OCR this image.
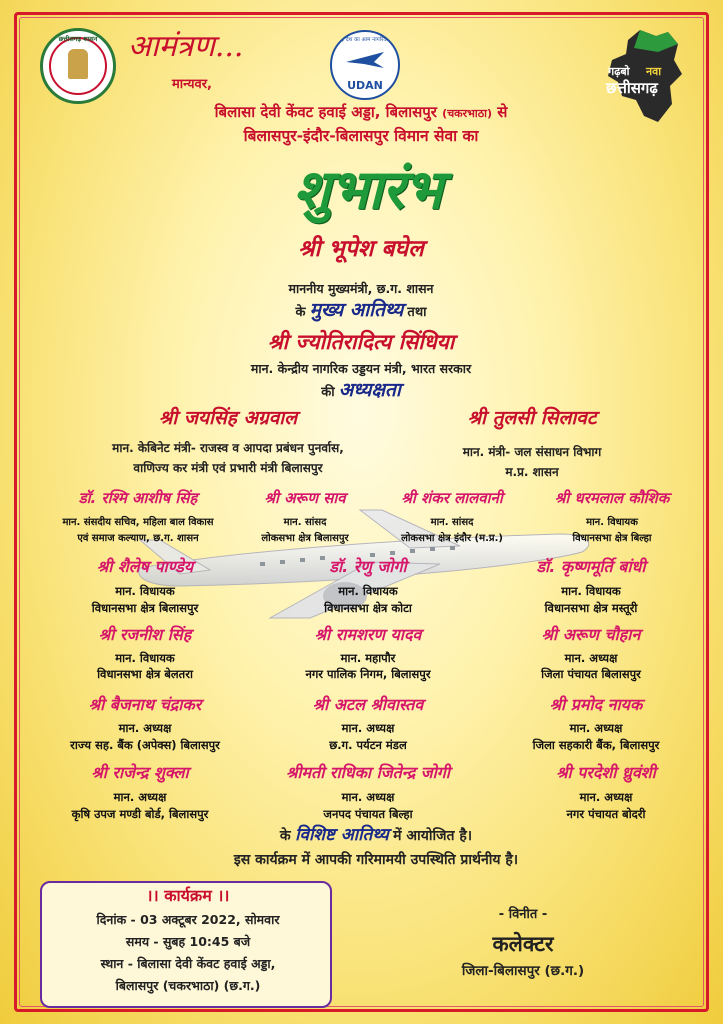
छत्तीसगढ़ शासन	आमंत्रण...	उड़े देश का आम नागरिक
UDAN
गढ़बो नवा
छत्तीसगढ़
मान्यवर,
बिलासा देवी केंवट हवाई अड्डा, बिलासपुर (चकरभाठा) से
बिलासपुर-इंदौर-बिलासपुर विमान सेवा का
शुभारंभ
श्री भूपेश बघेल
माननीय मुख्यमंत्री, छ.ग. शासन
के मुख्य आतिथ्य तथा
श्री ज्योतिरादित्य सिंधिया
मान. केन्द्रीय नागरिक उड्डयन मंत्री, भारत सरकार
की अध्यक्षता
श्री जयसिंह अग्रवाल
मान. केबिनेट मंत्री- राजस्व व आपदा प्रबंधन पुनर्वास,
वाणिज्य कर मंत्री एवं प्रभारी मंत्री बिलासपुर
श्री तुलसी सिलावट
मान. मंत्री- जल संसाधन विभाग
म.प्र. शासन
डॉ. रश्मि आशीष सिंह
मान. संसदीय सचिव, महिला बाल विकास
एवं समाज कल्याण, छ.ग. शासन
श्री अरूण साव
मान. सांसद
लोकसभा क्षेत्र बिलासपुर
श्री शंकर लालवानी
मान. सांसद
लोकसभा क्षेत्र इंदौर (म.प्र.)
श्री धरमलाल कौशिक
मान. विधायक
विधानसभा क्षेत्र बिल्हा
श्री शैलेष पाण्डेय
मान. विधायक
विधानसभा क्षेत्र बिलासपुर
डॉ. रेणु जोगी
मान. विधायक
विधानसभा क्षेत्र कोटा
डॉ. कृष्णमूर्ति बांधी
मान. विधायक
विधानसभा क्षेत्र मस्तूरी
श्री रजनीश सिंह
मान. विधायक
विधानसभा क्षेत्र बेलतरा
श्री रामशरण यादव
मान. महापौर
नगर पालिक निगम, बिलासपुर
श्री अरूण चौहान
मान. अध्यक्ष
जिला पंचायत बिलासपुर
श्री बैजनाथ चंद्राकर
मान. अध्यक्ष
राज्य सह. बैंक (अपेक्स) बिलासपुर
श्री अटल श्रीवास्तव
मान. अध्यक्ष
छ.ग. पर्यटन मंडल
श्री प्रमोद नायक
मान. अध्यक्ष
जिला सहकारी बैंक, बिलासपुर
श्री राजेन्द्र शुक्ला
मान. अध्यक्ष
कृषि उपज मण्डी बोर्ड, बिलासपुर
श्रीमती राधिका जितेन्द्र जोगी
मान. अध्यक्ष
जनपद पंचायत बिल्हा
श्री परदेशी ध्रुवंशी
मान. अध्यक्ष
नगर पंचायत बोदरी
के विशिष्ट आतिथ्य में आयोजित है।
इस कार्यक्रम में आपकी गरिमामयी उपस्थिति प्रार्थनीय है।
।। कार्यक्रम ।।
दिनांक - 03 अक्टूबर 2022, सोमवार
समय - सुबह 10:45 बजे
स्थान - बिलासा देवी केंवट हवाई अड्डा,
बिलासपुर (चकरभाठा) (छ.ग.)
- विनीत -
कलेक्टर
जिला-बिलासपुर (छ.ग.)
